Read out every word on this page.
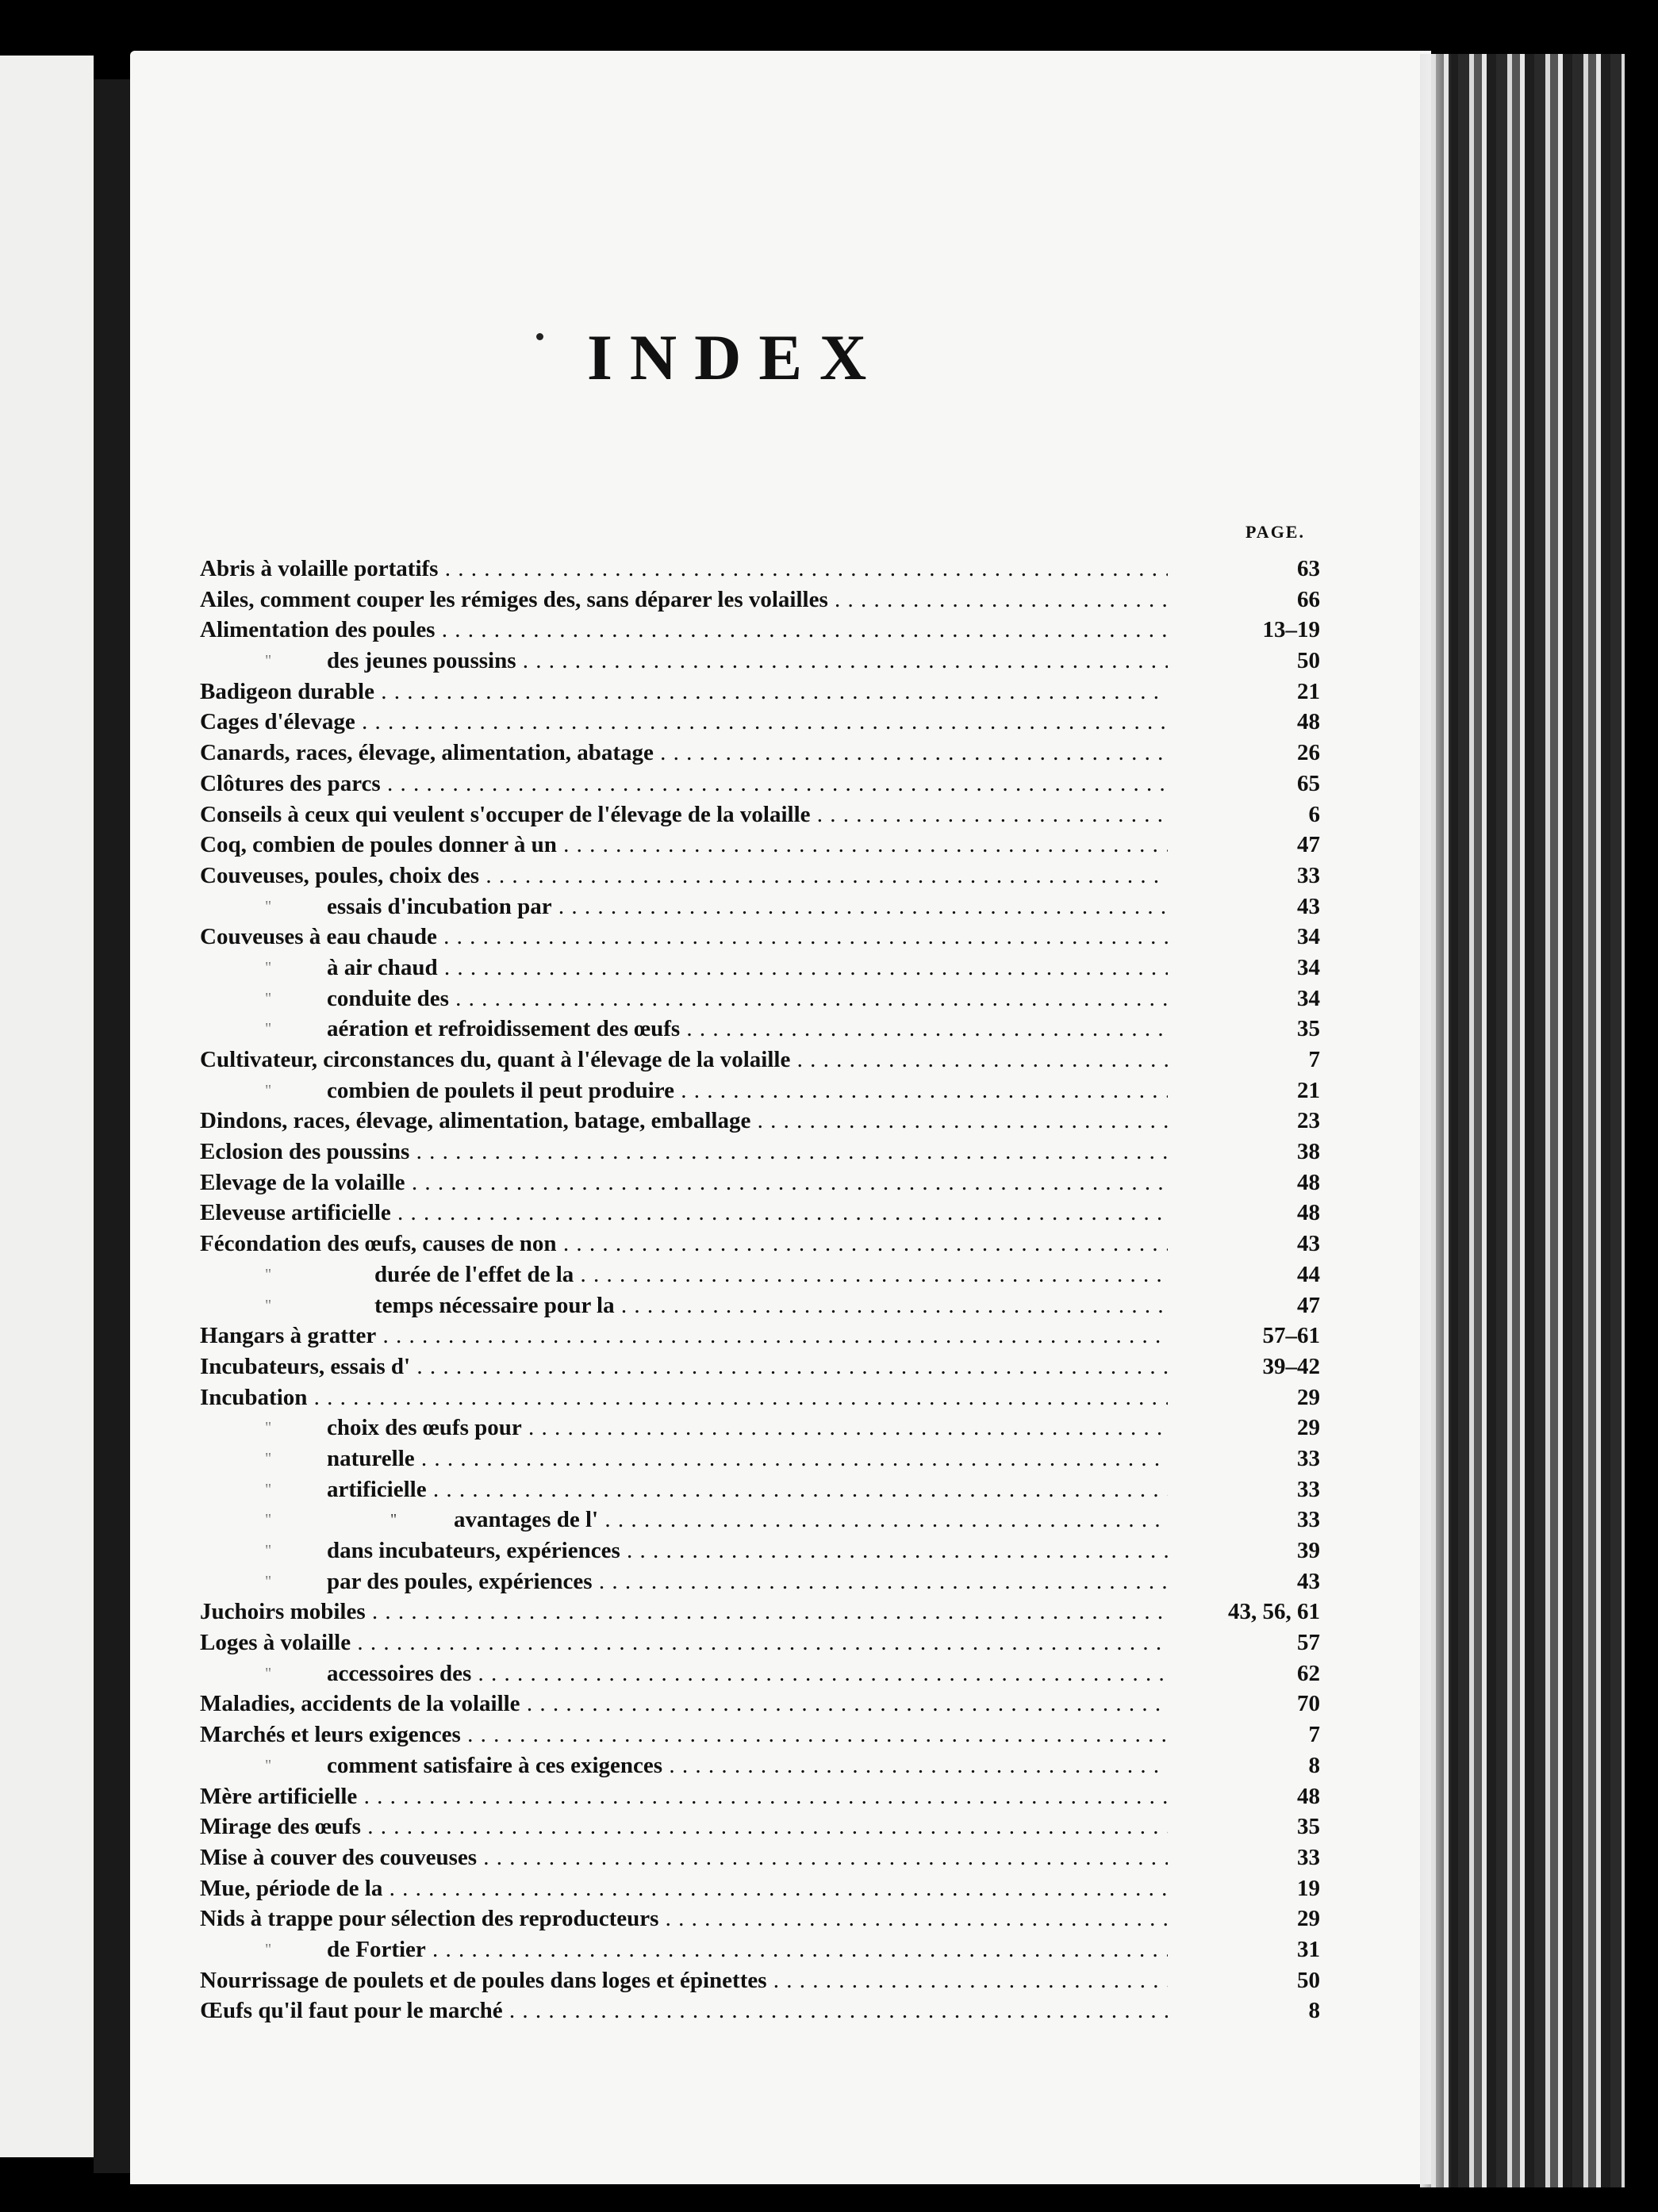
INDEX
PAGE.
Abris à volaille portatifs . . .	63
Ailes, comment couper les rémiges des, sans déparer les volailles . . .	66
Alimentation des poules . . .	13–19
"	des jeunes poussins . . .	50
Badigeon durable . . .	21
Cages d'élevage . . .	48
Canards, races, élevage, alimentation, abatage . . .	26
Clôtures des parcs . . .	65
Conseils à ceux qui veulent s'occuper de l'élevage de la volaille . . .	6
Coq, combien de poules donner à un . . .	47
Couveuses, poules, choix des . . .	33
"	essais d'incubation par . . .	43
Couveuses à eau chaude . . .	34
"	à air chaud . . .	34
"	conduite des . . .	34
"	aération et refroidissement des œufs . . .	35
Cultivateur, circonstances du, quant à l'élevage de la volaille . . .	7
"	combien de poulets il peut produire . . .	21
Dindons, races, élevage, alimentation, batage, emballage . . .	23
Eclosion des poussins . . .	38
Elevage de la volaille . . .	48
Eleveuse artificielle . . .	48
Fécondation des œufs, causes de non . . .	43
"	durée de l'effet de la . . .	44
"	temps nécessaire pour la . . .	47
Hangars à gratter . . .	57–61
Incubateurs, essais d' . . .	39–42
Incubation . . .	29
"	choix des œufs pour . . .	29
"	naturelle . . .	33
"	artificielle . . .	33
"	"	avantages de l' . . .	33
"	dans incubateurs, expériences . . .	39
"	par des poules, expériences . . .	43
Juchoirs mobiles . . .	43, 56, 61
Loges à volaille . . .	57
"	accessoires des . . .	62
Maladies, accidents de la volaille . . .	70
Marchés et leurs exigences . . .	7
"	comment satisfaire à ces exigences . . .	8
Mère artificielle . . .	48
Mirage des œufs . . .	35
Mise à couver des couveuses . . .	33
Mue, période de la . . .	19
Nids à trappe pour sélection des reproducteurs . . .	29
"	de Fortier . . .	31
Nourrissage de poulets et de poules dans loges et épinettes . . .	50
Œufs qu'il faut pour le marché . . .	8
